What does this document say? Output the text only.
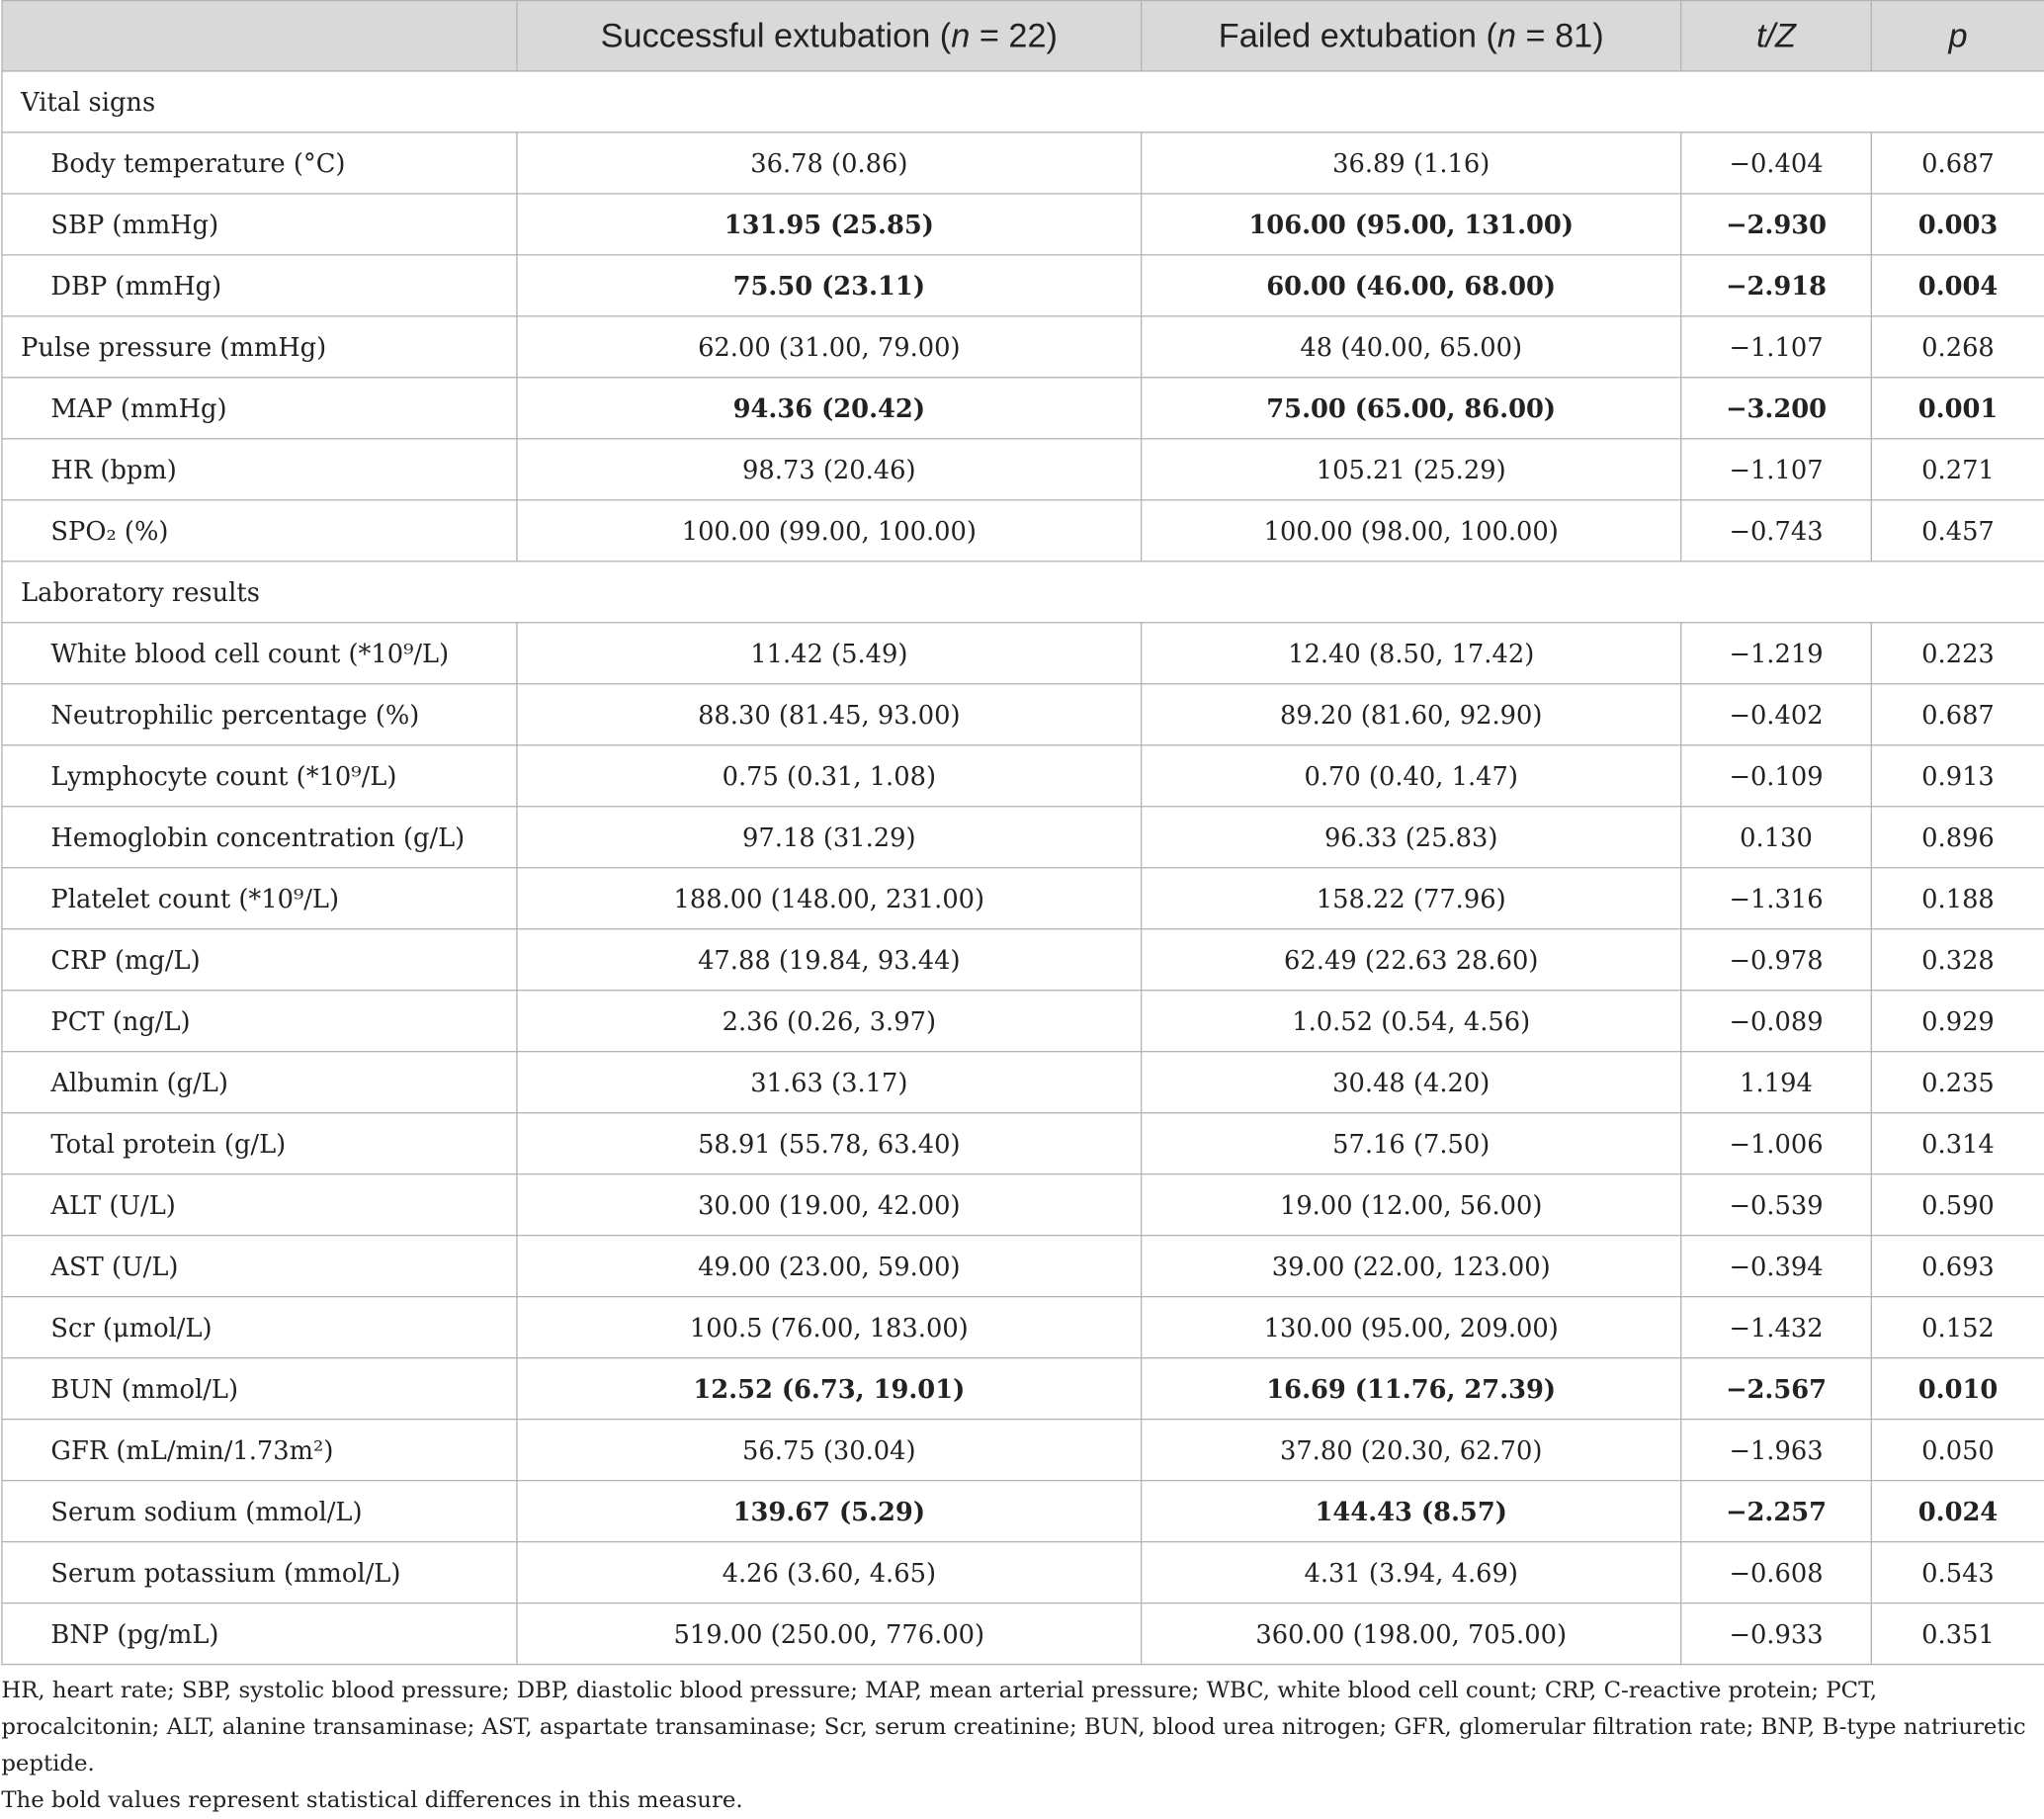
	Successful extubation (n = 22)	Failed extubation (n = 81)	t/Z	p
Vital signs				
Body temperature (°C)	36.78 (0.86)	36.89 (1.16)	−0.404	0.687
SBP (mmHg)	131.95 (25.85)	106.00 (95.00, 131.00)	−2.930	0.003
DBP (mmHg)	75.50 (23.11)	60.00 (46.00, 68.00)	−2.918	0.004
Pulse pressure (mmHg)	62.00 (31.00, 79.00)	48 (40.00, 65.00)	−1.107	0.268
MAP (mmHg)	94.36 (20.42)	75.00 (65.00, 86.00)	−3.200	0.001
HR (bpm)	98.73 (20.46)	105.21 (25.29)	−1.107	0.271
SPO₂ (%)	100.00 (99.00, 100.00)	100.00 (98.00, 100.00)	−0.743	0.457
Laboratory results				
White blood cell count (*10⁹/L)	11.42 (5.49)	12.40 (8.50, 17.42)	−1.219	0.223
Neutrophilic percentage (%)	88.30 (81.45, 93.00)	89.20 (81.60, 92.90)	−0.402	0.687
Lymphocyte count (*10⁹/L)	0.75 (0.31, 1.08)	0.70 (0.40, 1.47)	−0.109	0.913
Hemoglobin concentration (g/L)	97.18 (31.29)	96.33 (25.83)	0.130	0.896
Platelet count (*10⁹/L)	188.00 (148.00, 231.00)	158.22 (77.96)	−1.316	0.188
CRP (mg/L)	47.88 (19.84, 93.44)	62.49 (22.63 28.60)	−0.978	0.328
PCT (ng/L)	2.36 (0.26, 3.97)	1.0.52 (0.54, 4.56)	−0.089	0.929
Albumin (g/L)	31.63 (3.17)	30.48 (4.20)	1.194	0.235
Total protein (g/L)	58.91 (55.78, 63.40)	57.16 (7.50)	−1.006	0.314
ALT (U/L)	30.00 (19.00, 42.00)	19.00 (12.00, 56.00)	−0.539	0.590
AST (U/L)	49.00 (23.00, 59.00)	39.00 (22.00, 123.00)	−0.394	0.693
Scr (μmol/L)	100.5 (76.00, 183.00)	130.00 (95.00, 209.00)	−1.432	0.152
BUN (mmol/L)	12.52 (6.73, 19.01)	16.69 (11.76, 27.39)	−2.567	0.010
GFR (mL/min/1.73m²)	56.75 (30.04)	37.80 (20.30, 62.70)	−1.963	0.050
Serum sodium (mmol/L)	139.67 (5.29)	144.43 (8.57)	−2.257	0.024
Serum potassium (mmol/L)	4.26 (3.60, 4.65)	4.31 (3.94, 4.69)	−0.608	0.543
BNP (pg/mL)	519.00 (250.00, 776.00)	360.00 (198.00, 705.00)	−0.933	0.351
HR, heart rate; SBP, systolic blood pressure; DBP, diastolic blood pressure; MAP, mean arterial pressure; WBC, white blood cell count; CRP, C-reactive protein; PCT, procalcitonin; ALT, alanine transaminase; AST, aspartate transaminase; Scr, serum creatinine; BUN, blood urea nitrogen; GFR, glomerular filtration rate; BNP, B-type natriuretic peptide.
The bold values represent statistical differences in this measure.
